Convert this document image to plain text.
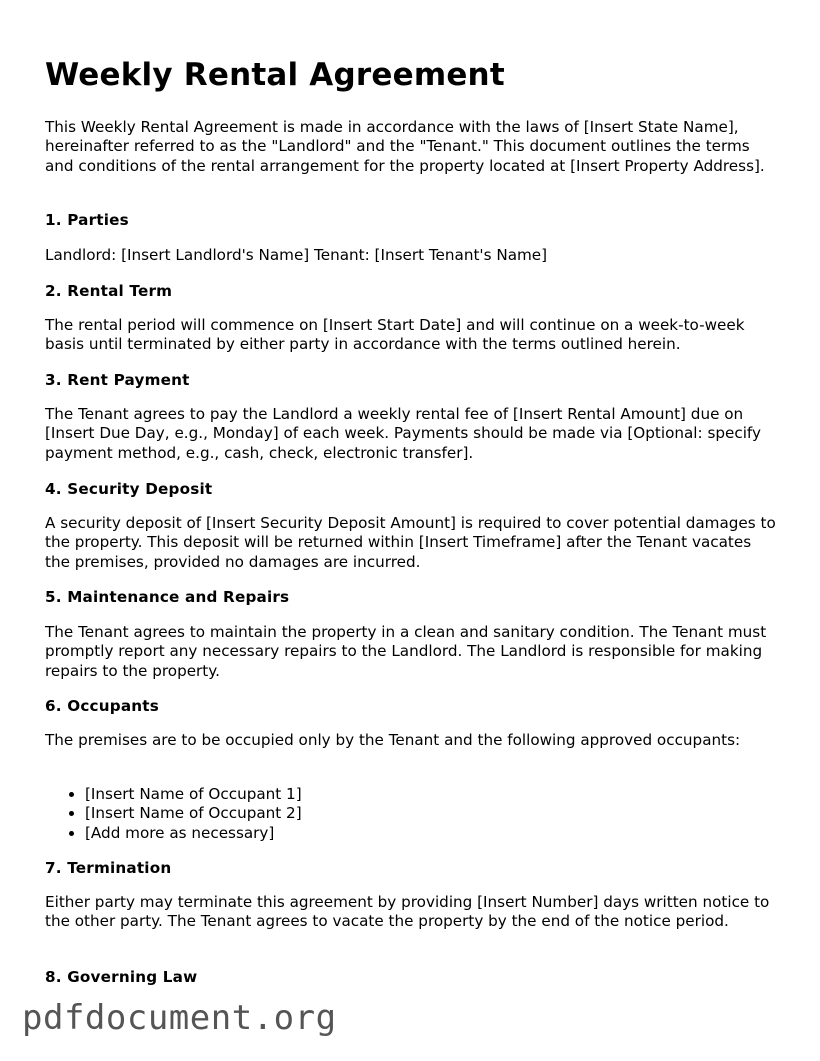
Weekly Rental Agreement

This Weekly Rental Agreement is made in accordance with the laws of [Insert State Name], hereinafter referred to as the "Landlord" and the "Tenant." This document outlines the terms and conditions of the rental arrangement for the property located at [Insert Property Address].

1. Parties

Landlord: [Insert Landlord's Name] Tenant: [Insert Tenant's Name]

2. Rental Term

The rental period will commence on [Insert Start Date] and will continue on a week-to-week basis until terminated by either party in accordance with the terms outlined herein.

3. Rent Payment

The Tenant agrees to pay the Landlord a weekly rental fee of [Insert Rental Amount] due on [Insert Due Day, e.g., Monday] of each week. Payments should be made via [Optional: specify payment method, e.g., cash, check, electronic transfer].

4. Security Deposit

A security deposit of [Insert Security Deposit Amount] is required to cover potential damages to the property. This deposit will be returned within [Insert Timeframe] after the Tenant vacates the premises, provided no damages are incurred.

5. Maintenance and Repairs

The Tenant agrees to maintain the property in a clean and sanitary condition. The Tenant must promptly report any necessary repairs to the Landlord. The Landlord is responsible for making repairs to the property.

6. Occupants

The premises are to be occupied only by the Tenant and the following approved occupants:

• [Insert Name of Occupant 1]
• [Insert Name of Occupant 2]
• [Add more as necessary]
7. Termination

Either party may terminate this agreement by providing [Insert Number] days written notice to the other party. The Tenant agrees to vacate the property by the end of the notice period.

8. Governing Law
pdfdocument.org
